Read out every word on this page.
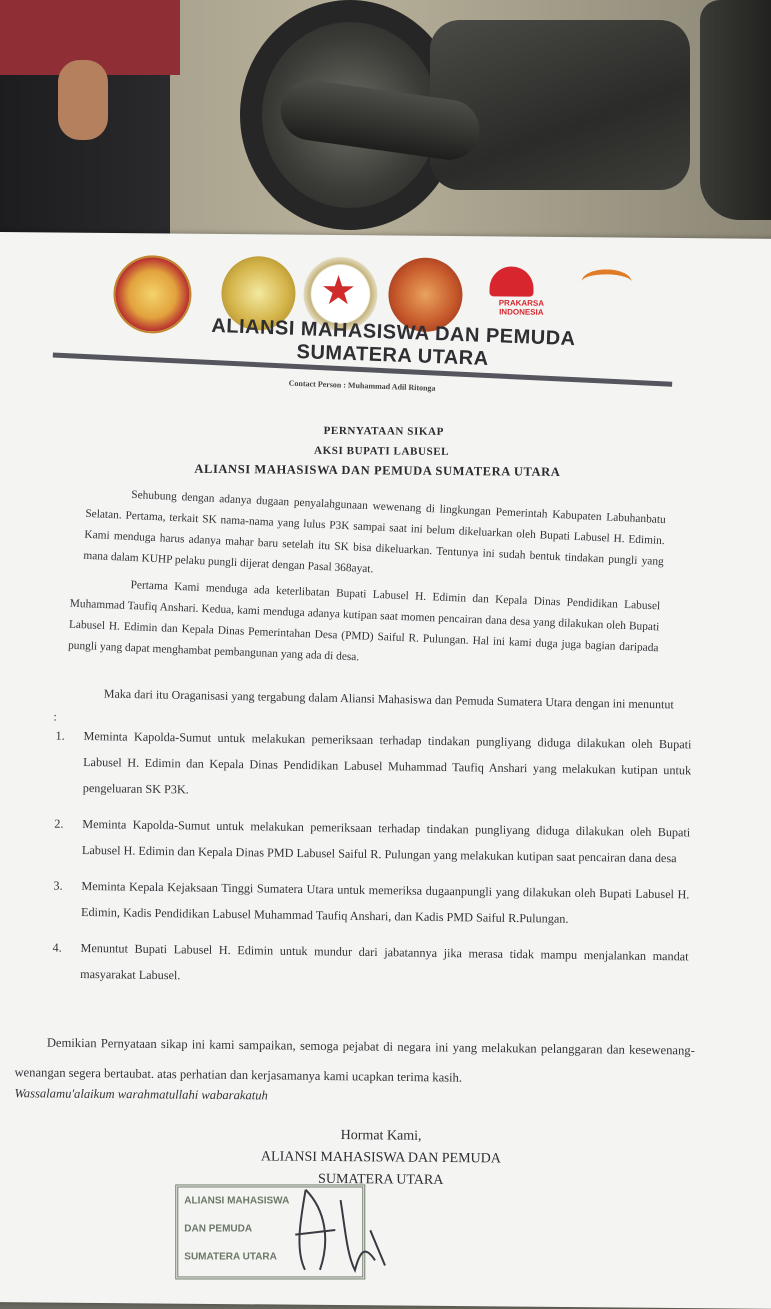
★	PRAKARSA INDONESIA
ALIANSI MAHASISWA DAN PEMUDA SUMATERA UTARA
Contact Person : Muhammad Adil Ritonga
PERNYATAAN SIKAP
AKSI BUPATI LABUSEL
ALIANSI MAHASISWA DAN PEMUDA SUMATERA UTARA
Sehubung dengan adanya dugaan penyalahgunaan wewenang di lingkungan Pemerintah Kabupaten Labuhanbatu Selatan. Pertama, terkait SK nama-nama yang lulus P3K sampai saat ini belum dikeluarkan oleh Bupati Labusel H. Edimin. Kami menduga harus adanya mahar baru setelah itu SK bisa dikeluarkan. Tentunya ini sudah bentuk tindakan pungli yang mana dalam KUHP pelaku pungli dijerat dengan Pasal 368ayat.
Pertama Kami menduga ada keterlibatan Bupati Labusel H. Edimin dan Kepala Dinas Pendidikan Labusel Muhammad Taufiq Anshari. Kedua, kami menduga adanya kutipan saat momen pencairan dana desa yang dilakukan oleh Bupati Labusel H. Edimin dan Kepala Dinas Pemerintahan Desa (PMD) Saiful R. Pulungan. Hal ini kami duga juga bagian daripada pungli yang dapat menghambat pembangunan yang ada di desa.
Maka dari itu Oraganisasi yang tergabung dalam Aliansi Mahasiswa dan Pemuda Sumatera Utara dengan ini menuntut :
1. Meminta Kapolda-Sumut untuk melakukan pemeriksaan terhadap tindakan pungliyang diduga dilakukan oleh Bupati Labusel H. Edimin dan Kepala Dinas Pendidikan Labusel Muhammad Taufiq Anshari yang melakukan kutipan untuk pengeluaran SK P3K.
2. Meminta Kapolda-Sumut untuk melakukan pemeriksaan terhadap tindakan pungliyang diduga dilakukan oleh Bupati Labusel H. Edimin dan Kepala Dinas PMD Labusel Saiful R. Pulungan yang melakukan kutipan saat pencairan dana desa
3. Meminta Kepala Kejaksaan Tinggi Sumatera Utara untuk memeriksa dugaanpungli yang dilakukan oleh Bupati Labusel H. Edimin, Kadis Pendidikan Labusel Muhammad Taufiq Anshari, dan Kadis PMD Saiful R.Pulungan.
4. Menuntut Bupati Labusel H. Edimin untuk mundur dari jabatannya jika merasa tidak mampu menjalankan mandat masyarakat Labusel.
Demikian Pernyataan sikap ini kami sampaikan, semoga pejabat di negara ini yang melakukan pelanggaran dan kesewenang-wenangan segera bertaubat. atas perhatian dan kerjasamanya kami ucapkan terima kasih.
Wassalamu'alaikum warahmatullahi wabarakatuh
Hormat Kami,
ALIANSI MAHASISWA DAN PEMUDA
SUMATERA UTARA
ALIANSI MAHASISWA
DAN PEMUDA
SUMATERA UTARA
